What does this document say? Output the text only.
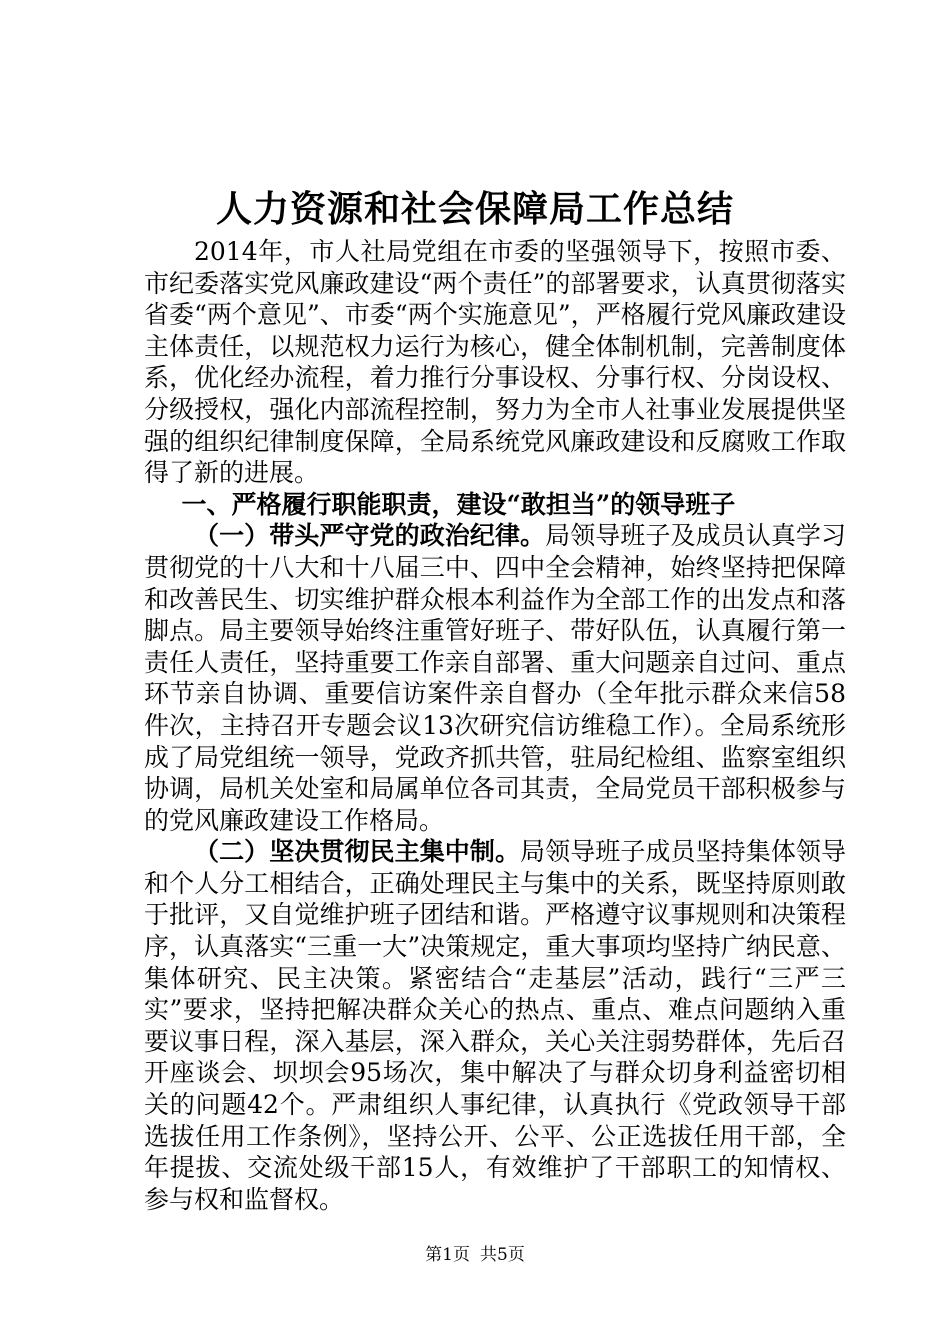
人力资源和社会保障局工作总结

2014年，市人社局党组在市委的坚强领导下，按照市委、市纪委落实党风廉政建设“两个责任”的部署要求，认真贯彻落实省委“两个意见”、市委“两个实施意见”，严格履行党风廉政建设主体责任，以规范权力运行为核心，健全体制机制，完善制度体系，优化经办流程，着力推行分事设权、分事行权、分岗设权、分级授权，强化内部流程控制，努力为全市人社事业发展提供坚强的组织纪律制度保障，全局系统党风廉政建设和反腐败工作取得了新的进展。

一、严格履行职能职责，建设“敢担当”的领导班子

（一）带头严守党的政治纪律。局领导班子及成员认真学习贯彻党的十八大和十八届三中、四中全会精神，始终坚持把保障和改善民生、切实维护群众根本利益作为全部工作的出发点和落脚点。局主要领导始终注重管好班子、带好队伍，认真履行第一责任人责任，坚持重要工作亲自部署、重大问题亲自过问、重点环节亲自协调、重要信访案件亲自督办（全年批示群众来信58件次，主持召开专题会议13次研究信访维稳工作）。全局系统形成了局党组统一领导，党政齐抓共管，驻局纪检组、监察室组织协调，局机关处室和局属单位各司其责，全局党员干部积极参与的党风廉政建设工作格局。

（二）坚决贯彻民主集中制。局领导班子成员坚持集体领导和个人分工相结合，正确处理民主与集中的关系，既坚持原则敢于批评，又自觉维护班子团结和谐。严格遵守议事规则和决策程序，认真落实“三重一大”决策规定，重大事项均坚持广纳民意、集体研究、民主决策。紧密结合“走基层”活动，践行“三严三实”要求，坚持把解决群众关心的热点、重点、难点问题纳入重要议事日程，深入基层，深入群众，关心关注弱势群体，先后召开座谈会、坝坝会95场次，集中解决了与群众切身利益密切相关的问题42个。严肃组织人事纪律，认真执行《党政领导干部选拔任用工作条例》，坚持公开、公平、公正选拔任用干部，全年提拔、交流处级干部15人，有效维护了干部职工的知情权、参与权和监督权。

第1页 共5页
